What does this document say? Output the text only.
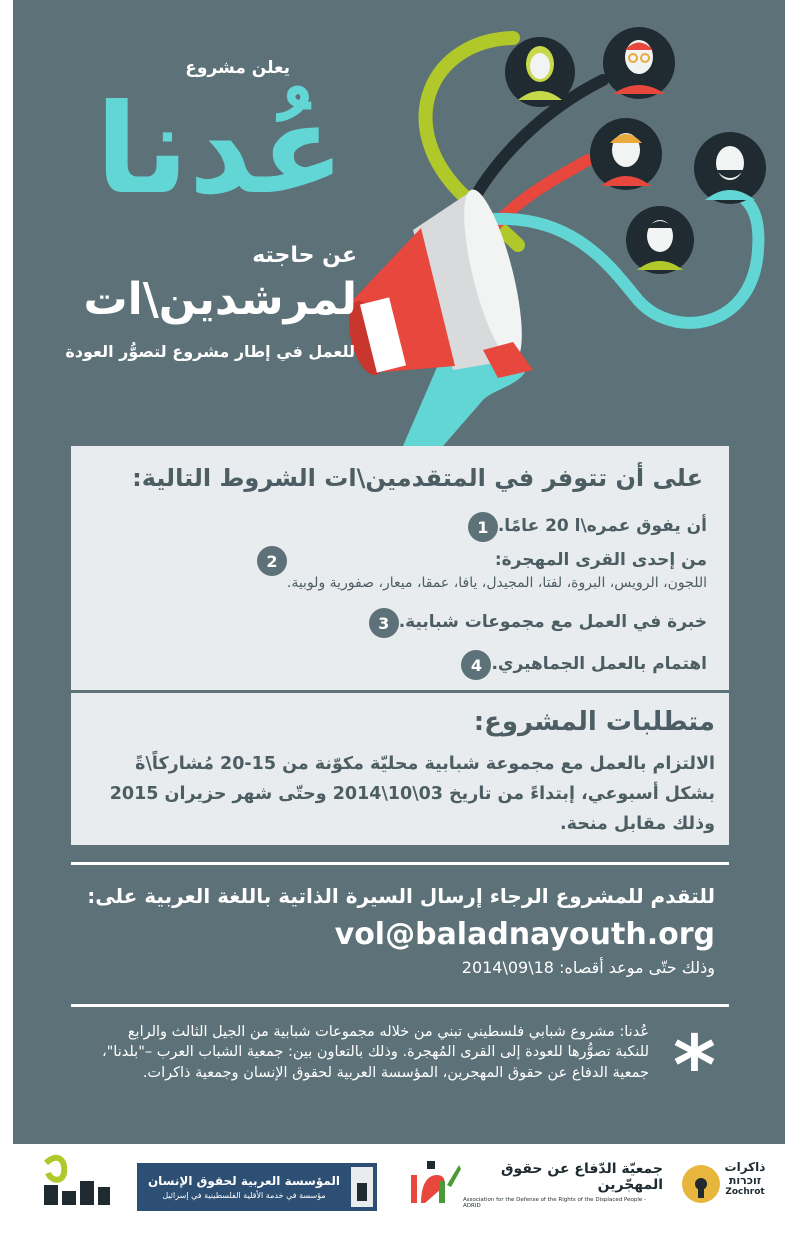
يعلن مشروع
عُدنا
عن حاجته
لمرشدين\ات
للعمل في إطار مشروع لتصوُّر العودة
على أن تتوفر في المتقدمين\ات الشروط التالية:
1 أن يفوق عمره\ا 20 عامًا.
2	من إحدى القرى المهجرة:
اللجون، الرويس، البروة، لفتا، المجيدل، يافا، عمقا، ميعار، صفورية ولوبية.
3 خبرة في العمل مع مجموعات شبابية.
4 اهتمام بالعمل الجماهيري.
متطلبات المشروع:
الالتزام بالعمل مع مجموعة شبابية محليّة مكوّنة من 15-20 مُشاركاً\ةً بشكل أسبوعي، إبتداءً من تاريخ 03\10\2014 وحتّى شهر حزيران 2015 وذلك مقابل منحة.
للتقدم للمشروع الرجاء إرسال السيرة الذاتية باللغة العربية على:
vol@baladnayouth.org
وذلك حتّى موعد أقصاه: 18\09\2014
*
عُدنا: مشروع شبابي فلسطيني تبني من خلاله مجموعات شبابية من الجيل الثالث والرابع للنكبة تصوُّرها للعودة إلى القرى المُهجرة. وذلك بالتعاون بين: جمعية الشباب العرب –"بلدنا"، جمعية الدفاع عن حقوق المهجرين، المؤسسة العربية لحقوق الإنسان وجمعية ذاكرات.
المؤسسة العربية لحقوق الإنسان
مؤسسة في خدمة الأقلية الفلسطينية في إسرائيل
جمعيّة الدّفاع عن حقوق المهجّرين
Association for the Defense of the Rights of the Displaced People - ADRID
ذاكرات
זוכרות
Zochrot
